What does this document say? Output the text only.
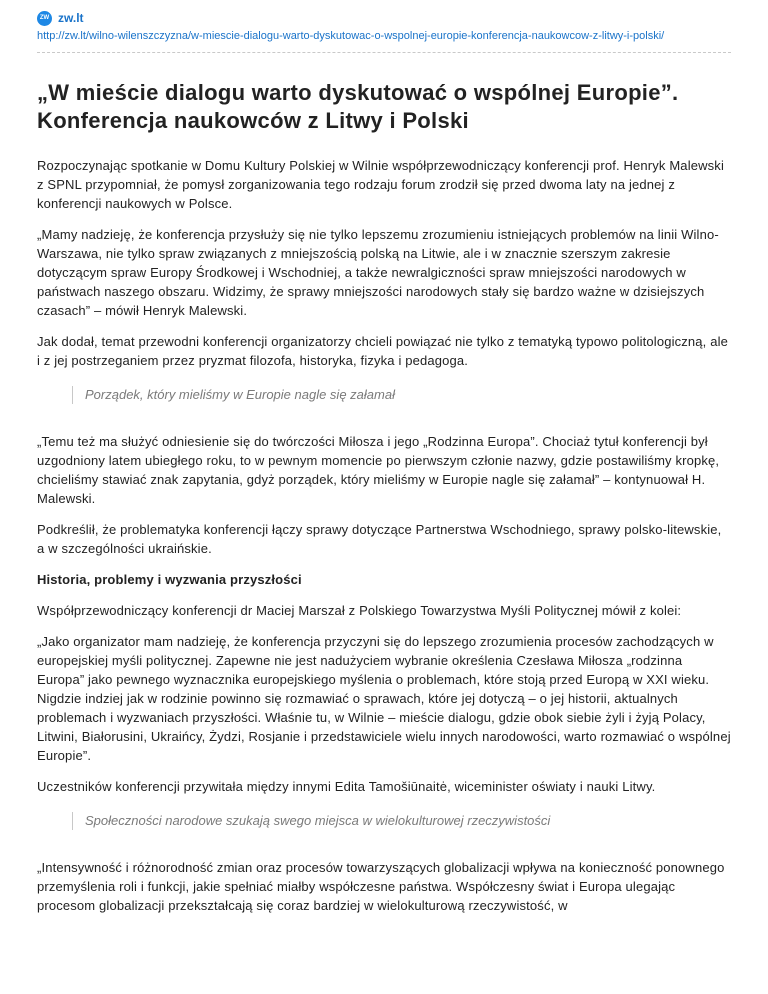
ZW zw.lt
http://zw.lt/wilno-wilenszczyzna/w-miescie-dialogu-warto-dyskutowac-o-wspolnej-europie-konferencja-naukowcow-z-litwy-i-polski/
„W mieście dialogu warto dyskutować o wspólnej Europie”. Konferencja naukowców z Litwy i Polski

Rozpoczynając spotkanie w Domu Kultury Polskiej w Wilnie współprzewodniczący konferencji prof. Henryk Malewski z SPNL przypomniał, że pomysł zorganizowania tego rodzaju forum zrodził się przed dwoma laty na jednej z konferencji naukowych w Polsce.

„Mamy nadzieję, że konferencja przysłuży się nie tylko lepszemu zrozumieniu istniejących problemów na linii Wilno-Warszawa, nie tylko spraw związanych z mniejszością polską na Litwie, ale i w znacznie szerszym zakresie dotyczącym spraw Europy Środkowej i Wschodniej, a także newralgiczności spraw mniejszości narodowych w państwach naszego obszaru. Widzimy, że sprawy mniejszości narodowych stały się bardzo ważne w dzisiejszych czasach” – mówił Henryk Malewski.

Jak dodał, temat przewodni konferencji organizatorzy chcieli powiązać nie tylko z tematyką typowo politologiczną, ale i z jej postrzeganiem przez pryzmat filozofa, historyka, fizyka i pedagoga.

Porządek, który mieliśmy w Europie nagle się załamał

„Temu też ma służyć odniesienie się do twórczości Miłosza i jego „Rodzinna Europa”. Chociaż tytuł konferencji był uzgodniony latem ubiegłego roku, to w pewnym momencie po pierwszym członie nazwy, gdzie postawiliśmy kropkę, chcieliśmy stawiać znak zapytania, gdyż porządek, który mieliśmy w Europie nagle się załamał” – kontynuował H. Malewski.

Podkreślił, że problematyka konferencji łączy sprawy dotyczące Partnerstwa Wschodniego, sprawy polsko-litewskie, a w szczególności ukraińskie.

Historia, problemy i wyzwania przyszłości

Współprzewodniczący konferencji dr Maciej Marszał z Polskiego Towarzystwa Myśli Politycznej mówił z kolei:

„Jako organizator mam nadzieję, że konferencja przyczyni się do lepszego zrozumienia procesów zachodzących w europejskiej myśli politycznej. Zapewne nie jest nadużyciem wybranie określenia Czesława Miłosza „rodzinna Europa” jako pewnego wyznacznika europejskiego myślenia o problemach, które stoją przed Europą w XXI wieku. Nigdzie indziej jak w rodzinie powinno się rozmawiać o sprawach, które jej dotyczą – o jej historii, aktualnych problemach i wyzwaniach przyszłości. Właśnie tu, w Wilnie – mieście dialogu, gdzie obok siebie żyli i żyją Polacy, Litwini, Białorusini, Ukraińcy, Żydzi, Rosjanie i przedstawiciele wielu innych narodowości, warto rozmawiać o wspólnej Europie”.

Uczestników konferencji przywitała między innymi Edita Tamošiūnaitė, wiceminister oświaty i nauki Litwy.

Społeczności narodowe szukają swego miejsca w wielokulturowej rzeczywistości

„Intensywność i różnorodność zmian oraz procesów towarzyszących globalizacji wpływa na konieczność ponownego przemyślenia roli i funkcji, jakie spełniać miałby współczesne państwa. Współczesny świat i Europa ulegając procesom globalizacji przekształcają się coraz bardziej w wielokulturową rzeczywistość, w
